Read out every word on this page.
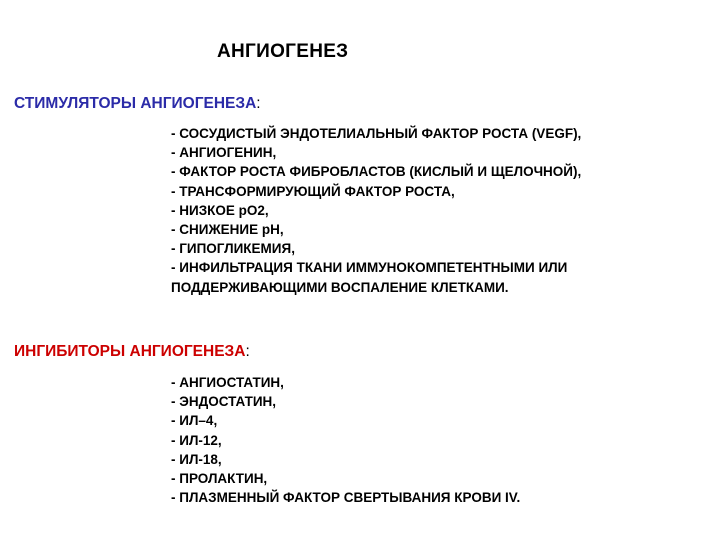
АНГИОГЕНЕЗ
СТИМУЛЯТОРЫ АНГИОГЕНЕЗА:
- СОСУДИСТЫЙ ЭНДОТЕЛИАЛЬНЫЙ ФАКТОР РОСТА (VEGF),
- АНГИОГЕНИН,
- ФАКТОР РОСТА ФИБРОБЛАСТОВ (КИСЛЫЙ И ЩЕЛОЧНОЙ),
- ТРАНСФОРМИРУЮЩИЙ ФАКТОР РОСТА,
- НИЗКОЕ pО2,
- СНИЖЕНИЕ pН,
- ГИПОГЛИКЕМИЯ,
- ИНФИЛЬТРАЦИЯ ТКАНИ ИММУНОКОМПЕТЕНТНЫМИ ИЛИ
ПОДДЕРЖИВАЮЩИМИ ВОСПАЛЕНИЕ КЛЕТКАМИ.
ИНГИБИТОРЫ АНГИОГЕНЕЗА:
- АНГИОСТАТИН,
- ЭНДОСТАТИН,
- ИЛ–4,
- ИЛ-12,
- ИЛ-18,
- ПРОЛАКТИН,
- ПЛАЗМЕННЫЙ ФАКТОР СВЕРТЫВАНИЯ КРОВИ IV.
